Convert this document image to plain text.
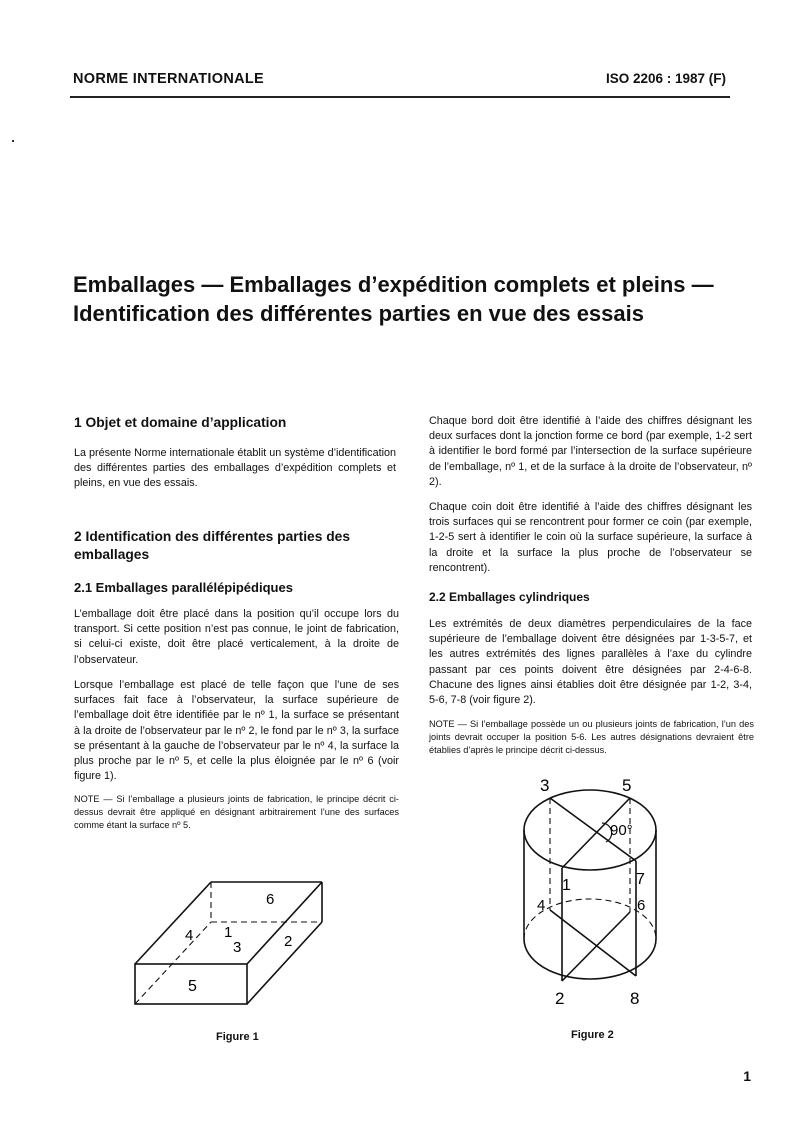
NORME INTERNATIONALE	ISO 2206 : 1987 (F)
Emballages — Emballages d’expédition complets et pleins — Identification des différentes parties en vue des essais
1 Objet et domaine d’application

La présente Norme internationale établit un système d’identification des différentes parties des emballages d’expédition complets et pleins, en vue des essais.

2 Identification des différentes parties des emballages
2.1 Emballages parallélépipédiques

L’emballage doit être placé dans la position qu’il occupe lors du transport. Si cette position n’est pas connue, le joint de fabrication, si celui-ci existe, doit être placé verticalement, à la droite de l’observateur.

Lorsque l’emballage est placé de telle façon que l’une de ses surfaces fait face à l’observateur, la surface supérieure de l’emballage doit être identifiée par le nº 1, la surface se présentant à la droite de l’observateur par le nº 2, le fond par le nº 3, la surface se présentant à la gauche de l’observateur par le nº 4, la surface la plus proche par le nº 5, et celle la plus éloignée par le nº 6 (voir figure 1).

NOTE — Si l’emballage a plusieurs joints de fabrication, le principe décrit ci-dessus devrait être appliqué en désignant arbitrairement l’une des surfaces comme étant la surface nº 5.

Chaque bord doit être identifié à l’aide des chiffres désignant les deux surfaces dont la jonction forme ce bord (par exemple, 1-2 sert à identifier le bord formé par l’intersection de la surface supérieure de l’emballage, nº 1, et de la surface à la droite de l’observateur, nº 2).

Chaque coin doit être identifié à l’aide des chiffres désignant les trois surfaces qui se rencontrent pour former ce coin (par exemple, 1-2-5 sert à identifier le coin où la surface supérieure, la surface à la droite et la surface la plus proche de l’observateur se rencontrent).

2.2 Emballages cylindriques

Les extrémités de deux diamètres perpendiculaires de la face supérieure de l’emballage doivent être désignées par 1-3-5-7, et les autres extrémités des lignes parallèles à l’axe du cylindre passant par ces points doivent être désignées par 2-4-6-8. Chacune des lignes ainsi établies doit être désignée par 1-2, 3-4, 5-6, 7-8 (voir figure 2).

NOTE — Si l’emballage possède un ou plusieurs joints de fabrication, l’un des joints devrait occuper la position 5-6. Les autres désignations devraient être établies d’après le principe décrit ci-dessus.

6
1
4
3	2
5
Figure 1
3	5
90°
1	7
4	6
2	8
Figure 2
1
